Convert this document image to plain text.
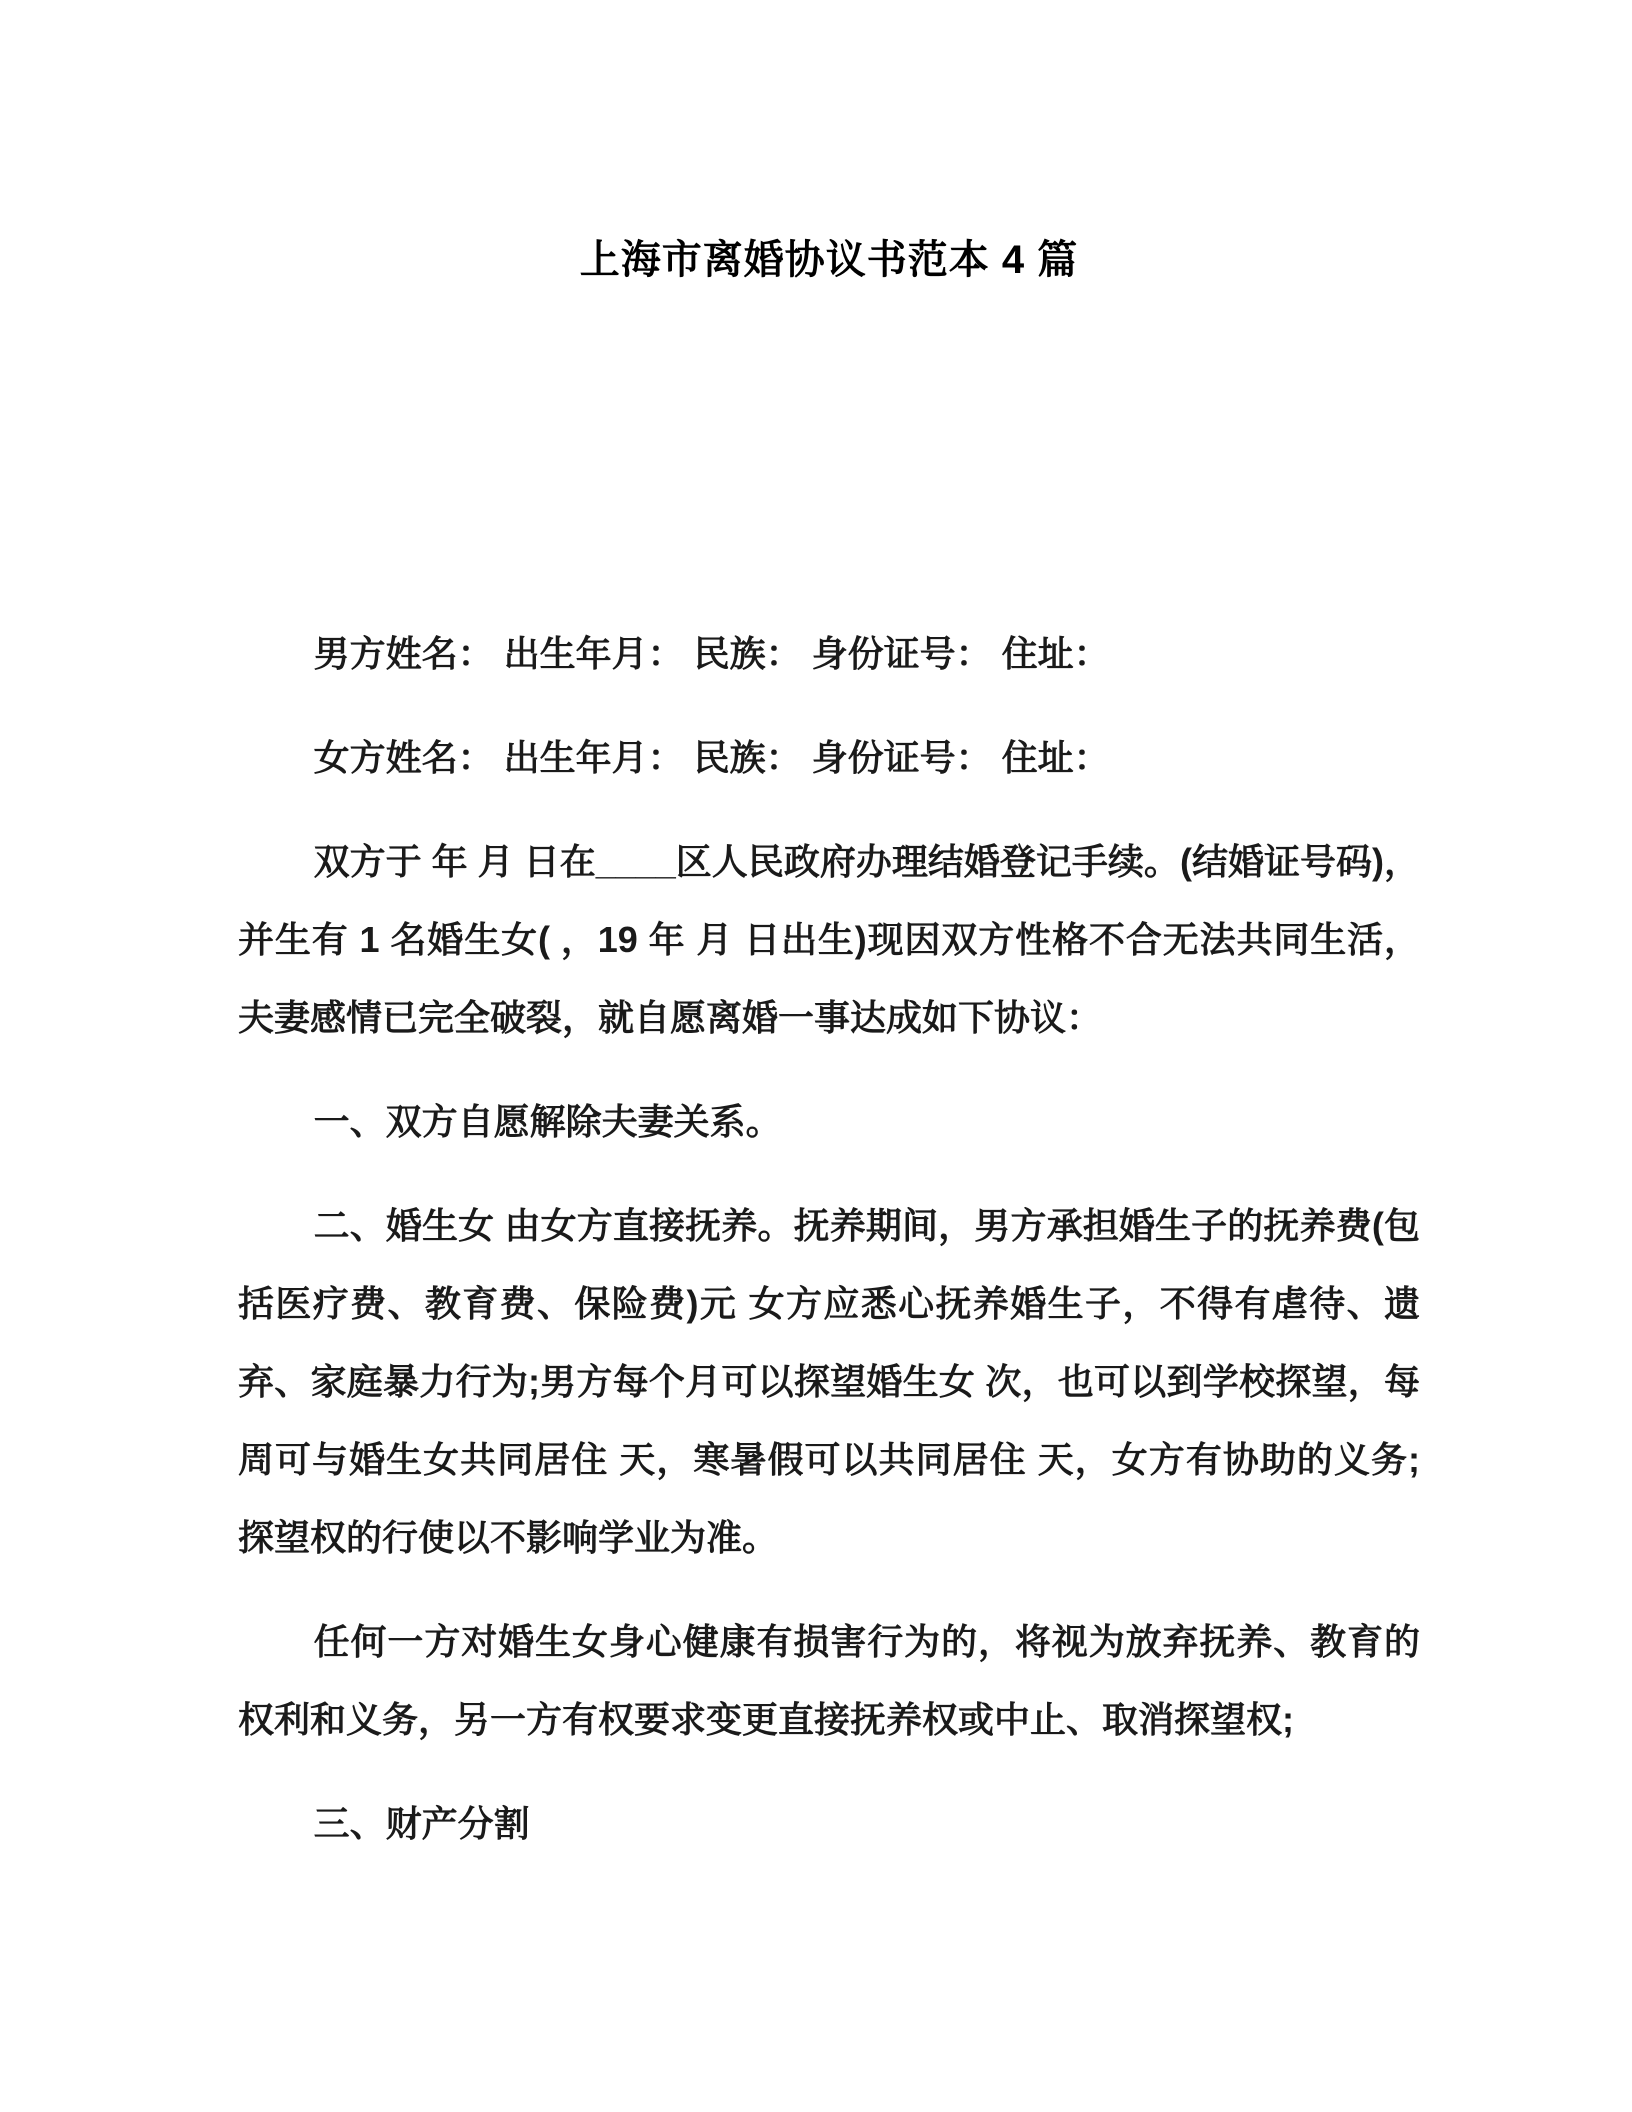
上海市离婚协议书范本 4 篇

男方姓名： 出生年月： 民族： 身份证号： 住址：

女方姓名： 出生年月： 民族： 身份证号： 住址：

双方于 年 月 日在____区人民政府办理结婚登记手续。(结婚证号码)，并生有 1 名婚生女( ，19 年 月 日出生)现因双方性格不合无法共同生活，夫妻感情已完全破裂，就自愿离婚一事达成如下协议：

一、双方自愿解除夫妻关系。

二、婚生女 由女方直接抚养。抚养期间，男方承担婚生子的抚养费(包括医疗费、教育费、保险费)元 女方应悉心抚养婚生子，不得有虐待、遗弃、家庭暴力行为;男方每个月可以探望婚生女 次，也可以到学校探望，每周可与婚生女共同居住 天，寒暑假可以共同居住 天，女方有协助的义务;探望权的行使以不影响学业为准。

任何一方对婚生女身心健康有损害行为的，将视为放弃抚养、教育的权利和义务，另一方有权要求变更直接抚养权或中止、取消探望权;

三、财产分割
